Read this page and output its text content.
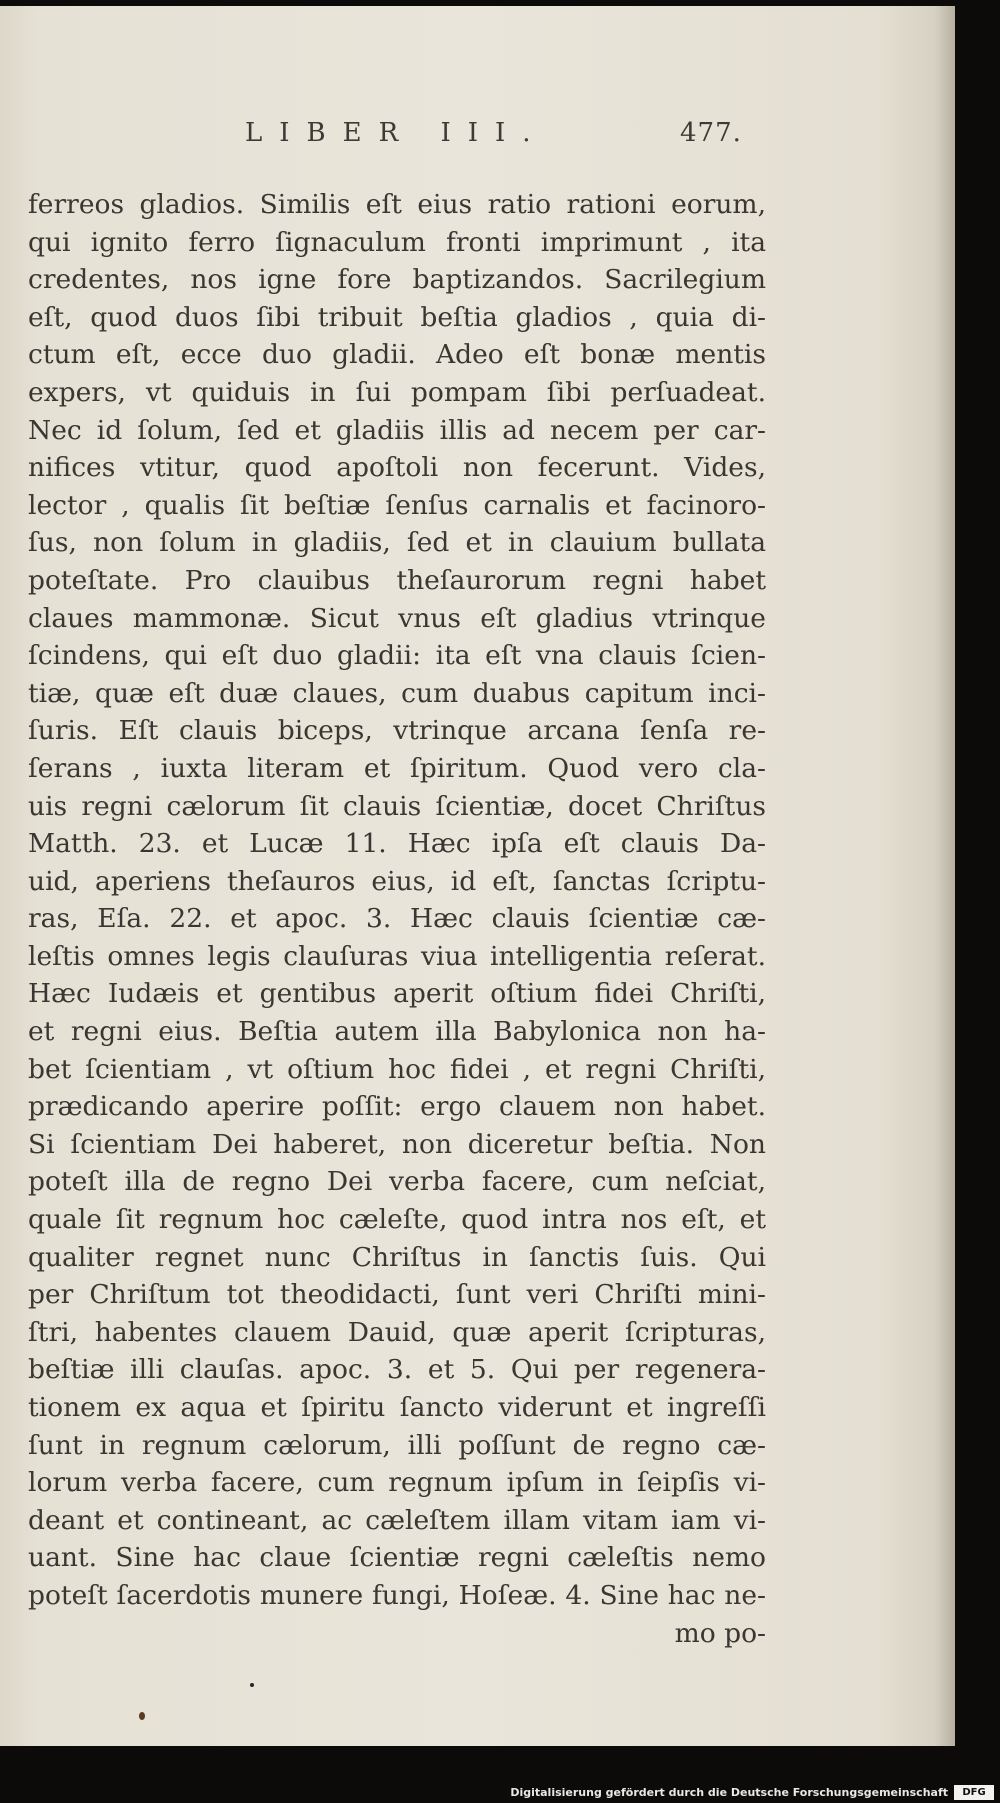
LIBER III.	477.
ferreos gladios. Similis eſt eius ratio rationi eorum,
qui ignito ferro ſignaculum fronti imprimunt , ita
credentes, nos igne fore baptizandos. Sacrilegium
eſt, quod duos ſibi tribuit beſtia gladios , quia di-
ctum eſt, ecce duo gladii. Adeo eſt bonæ mentis
expers, vt quiduis in ſui pompam ſibi perſuadeat.
Nec id ſolum, ſed et gladiis illis ad necem per car-
nifices vtitur, quod apoſtoli non fecerunt. Vides,
lector , qualis ſit beſtiæ ſenſus carnalis et facinoro-
ſus, non ſolum in gladiis, ſed et in clauium bullata
poteſtate. Pro clauibus theſaurorum regni habet
claues mammonæ. Sicut vnus eſt gladius vtrinque
ſcindens, qui eſt duo gladii: ita eſt vna clauis ſcien-
tiæ, quæ eſt duæ claues, cum duabus capitum inci-
ſuris. Eſt clauis biceps, vtrinque arcana ſenſa re-
ſerans , iuxta literam et ſpiritum. Quod vero cla-
uis regni cælorum ſit clauis ſcientiæ, docet Chriſtus
Matth. 23. et Lucæ 11. Hæc ipſa eſt clauis Da-
uid, aperiens theſauros eius, id eſt, ſanctas ſcriptu-
ras, Eſa. 22. et apoc. 3. Hæc clauis ſcientiæ cæ-
leſtis omnes legis clauſuras viua intelligentia reſerat.
Hæc Iudæis et gentibus aperit oſtium fidei Chriſti,
et regni eius. Beſtia autem illa Babylonica non ha-
bet ſcientiam , vt oſtium hoc fidei , et regni Chriſti,
prædicando aperire poſſit: ergo clauem non habet.
Si ſcientiam Dei haberet, non diceretur beſtia. Non
poteſt illa de regno Dei verba facere, cum neſciat,
quale ſit regnum hoc cæleſte, quod intra nos eſt, et
qualiter regnet nunc Chriſtus in ſanctis ſuis. Qui
per Chriſtum tot theodidacti, ſunt veri Chriſti mini-
ſtri, habentes clauem Dauid, quæ aperit ſcripturas,
beſtiæ illi clauſas. apoc. 3. et 5. Qui per regenera-
tionem ex aqua et ſpiritu ſancto viderunt et ingreſſi
ſunt in regnum cælorum, illi poſſunt de regno cæ-
lorum verba facere, cum regnum ipſum in ſeipſis vi-
deant et contineant, ac cæleſtem illam vitam iam vi-
uant. Sine hac claue ſcientiæ regni cæleſtis nemo
poteſt ſacerdotis munere fungi, Hoſeæ. 4. Sine hac ne-
mo po-
Digitalisierung gefördert durch die Deutsche Forschungsgemeinschaft	DFG
